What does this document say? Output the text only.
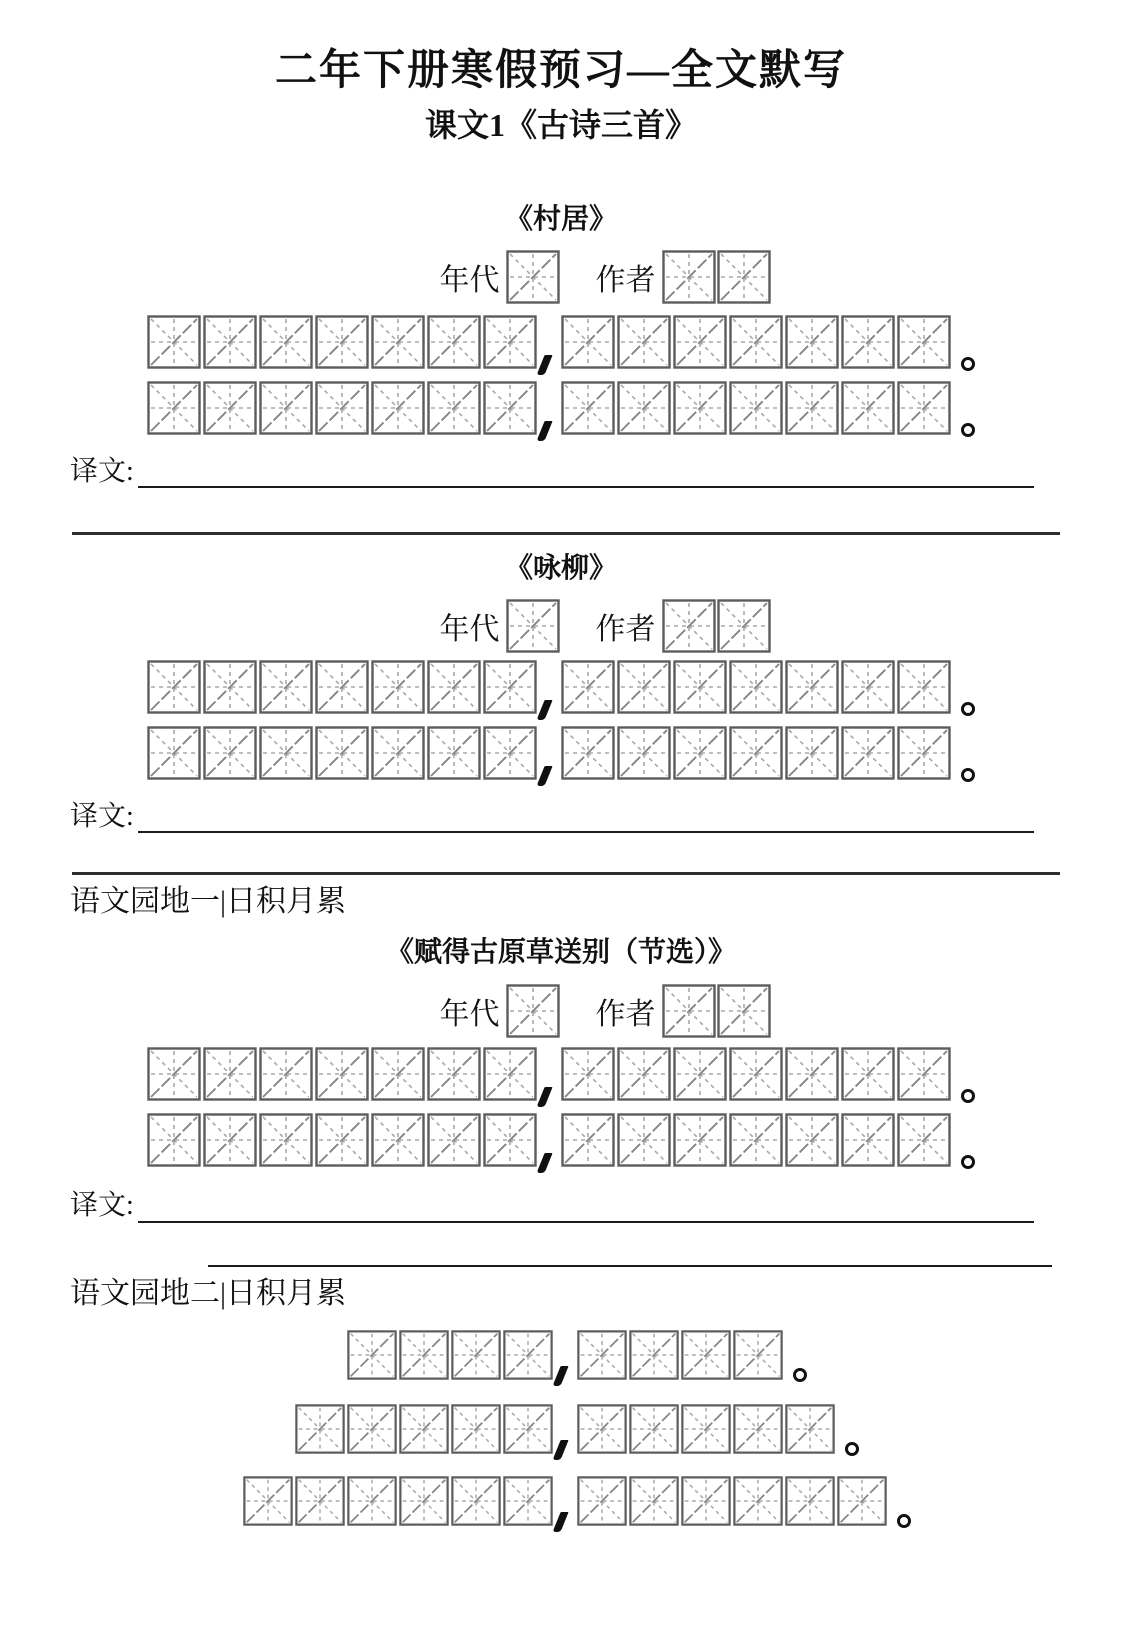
二年下册寒假预习—全文默写
课文1《古诗三首》
《村居》
年代	作者
译文:
《咏柳》
年代	作者
译文:
语文园地一|日积月累
《赋得古原草送别（节选）》
年代	作者
译文:
语文园地二|日积月累
